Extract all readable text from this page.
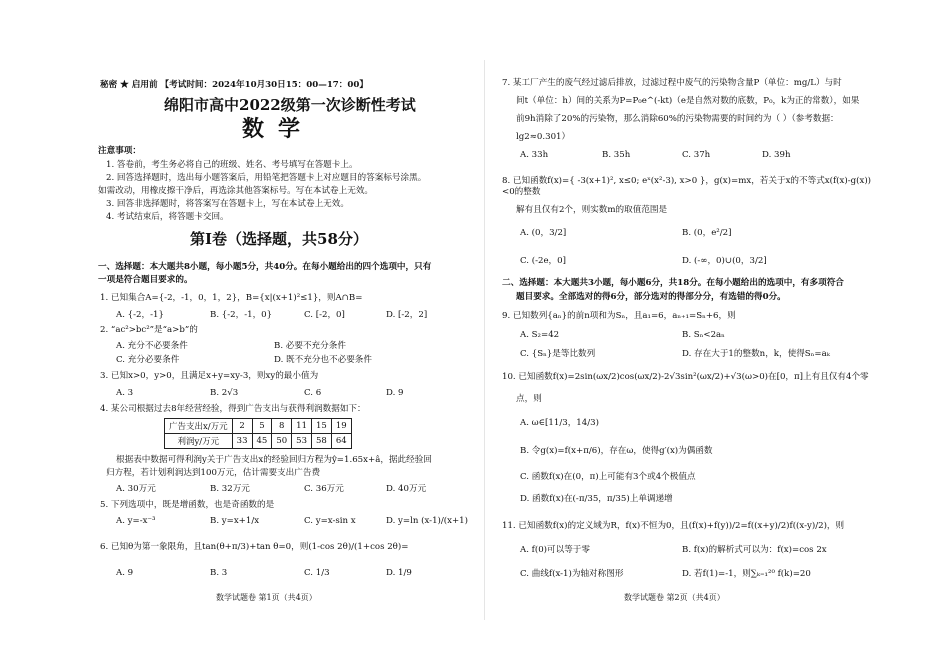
秘密 ★ 启用前 【考试时间：2024年10月30日15：00—17：00】
绵阳市高中2022级第一次诊断性考试
数学
注意事项：
1. 答卷前，考生务必将自己的班级、姓名、考号填写在答题卡上。
2. 回答选择题时，选出每小题答案后，用铅笔把答题卡上对应题目的答案标号涂黑。
如需改动，用橡皮擦干净后，再选涂其他答案标号。写在本试卷上无效。
3. 回答非选择题时，将答案写在答题卡上，写在本试卷上无效。
4. 考试结束后，将答题卡交回。
第Ⅰ卷（选择题，共58分）
一、选择题：本大题共8小题，每小题5分，共40分。在每小题给出的四个选项中，只有
一项是符合题目要求的。
1. 已知集合A={-2，-1，0，1，2}，B={x|(x+1)²≤1}，则A∩B=
A. {-2，-1}	B. {-2，-1，0}	C. [-2，0]	D. [-2，2]
2. “ac²>bc²”是“a>b”的
A. 充分不必要条件	B. 必要不充分条件
C. 充分必要条件	D. 既不充分也不必要条件
3. 已知x>0，y>0，且满足x+y=xy-3，则xy的最小值为
A. 3	B. 2√3	C. 6	D. 9
4. 某公司根据过去8年经营经验，得到广告支出与获得利润数据如下：
广告支出x/万元	2	5	8	11	15	19
利润y/万元	33	45	50	53	58	64
根据表中数据可得利润y关于广告支出x的经验回归方程为ŷ=1.65x+â，据此经验回
归方程，若计划利润达到100万元，估计需要支出广告费
A. 30万元	B. 32万元	C. 36万元	D. 40万元
5. 下列选项中，既是增函数，也是奇函数的是
A. y=-x⁻³	B. y=x+1/x	C. y=x-sin x	D. y=ln (x-1)/(x+1)
6. 已知θ为第一象限角，且tan(θ+π/3)+tan θ=0，则(1-cos 2θ)/(1+cos 2θ)=
A. 9	B. 3	C. 1/3	D. 1/9
数学试题卷 第1页（共4页）
7. 某工厂产生的废气经过滤后排放，过滤过程中废气的污染物含量P（单位：mg/L）与时
间t（单位：h）间的关系为P=P₀e^(-kt)（e是自然对数的底数，P₀，k为正的常数），如果
前9h消除了20%的污染物，那么消除60%的污染物需要的时间约为（ ）（参考数据：
lg2≈0.301）
A. 33h	B. 35h	C. 37h	D. 39h
8. 已知函数f(x)={ -3(x+1)², x≤0; eˣ(x²-3), x>0 }，g(x)=mx，若关于x的不等式x(f(x)-g(x))<0的整数
解有且仅有2个，则实数m的取值范围是
A. (0，3/2]	B. (0，e²/2]
C. (-2e，0]	D. (-∞，0)∪(0，3/2]
二、选择题：本大题共3小题，每小题6分，共18分。在每小题给出的选项中，有多项符合
题目要求。全部选对的得6分，部分选对的得部分分，有选错的得0分。
9. 已知数列{aₙ}的前n项和为Sₙ，且a₁=6，aₙ₊₁=Sₙ+6，则
A. S₂=42	B. Sₙ<2aₙ
C. {Sₙ}是等比数列	D. 存在大于1的整数n，k，使得Sₙ=aₖ
10. 已知函数f(x)=2sin(ωx/2)cos(ωx/2)-2√3sin²(ωx/2)+√3(ω>0)在[0，π]上有且仅有4个零
点，则
A. ω∈[11/3，14/3)
B. 令g(x)=f(x+π/6)，存在ω，使得g′(x)为偶函数
C. 函数f(x)在(0，π)上可能有3个或4个极值点
D. 函数f(x)在(-π/35，π/35)上单调递增
11. 已知函数f(x)的定义域为R，f(x)不恒为0，且(f(x)+f(y))/2=f((x+y)/2)f((x-y)/2)，则
A. f(0)可以等于零	B. f(x)的解析式可以为：f(x)=cos 2x
C. 曲线f(x-1)为轴对称图形	D. 若f(1)=-1，则∑ₖ₌₁²⁰ f(k)=20
数学试题卷 第2页（共4页）
